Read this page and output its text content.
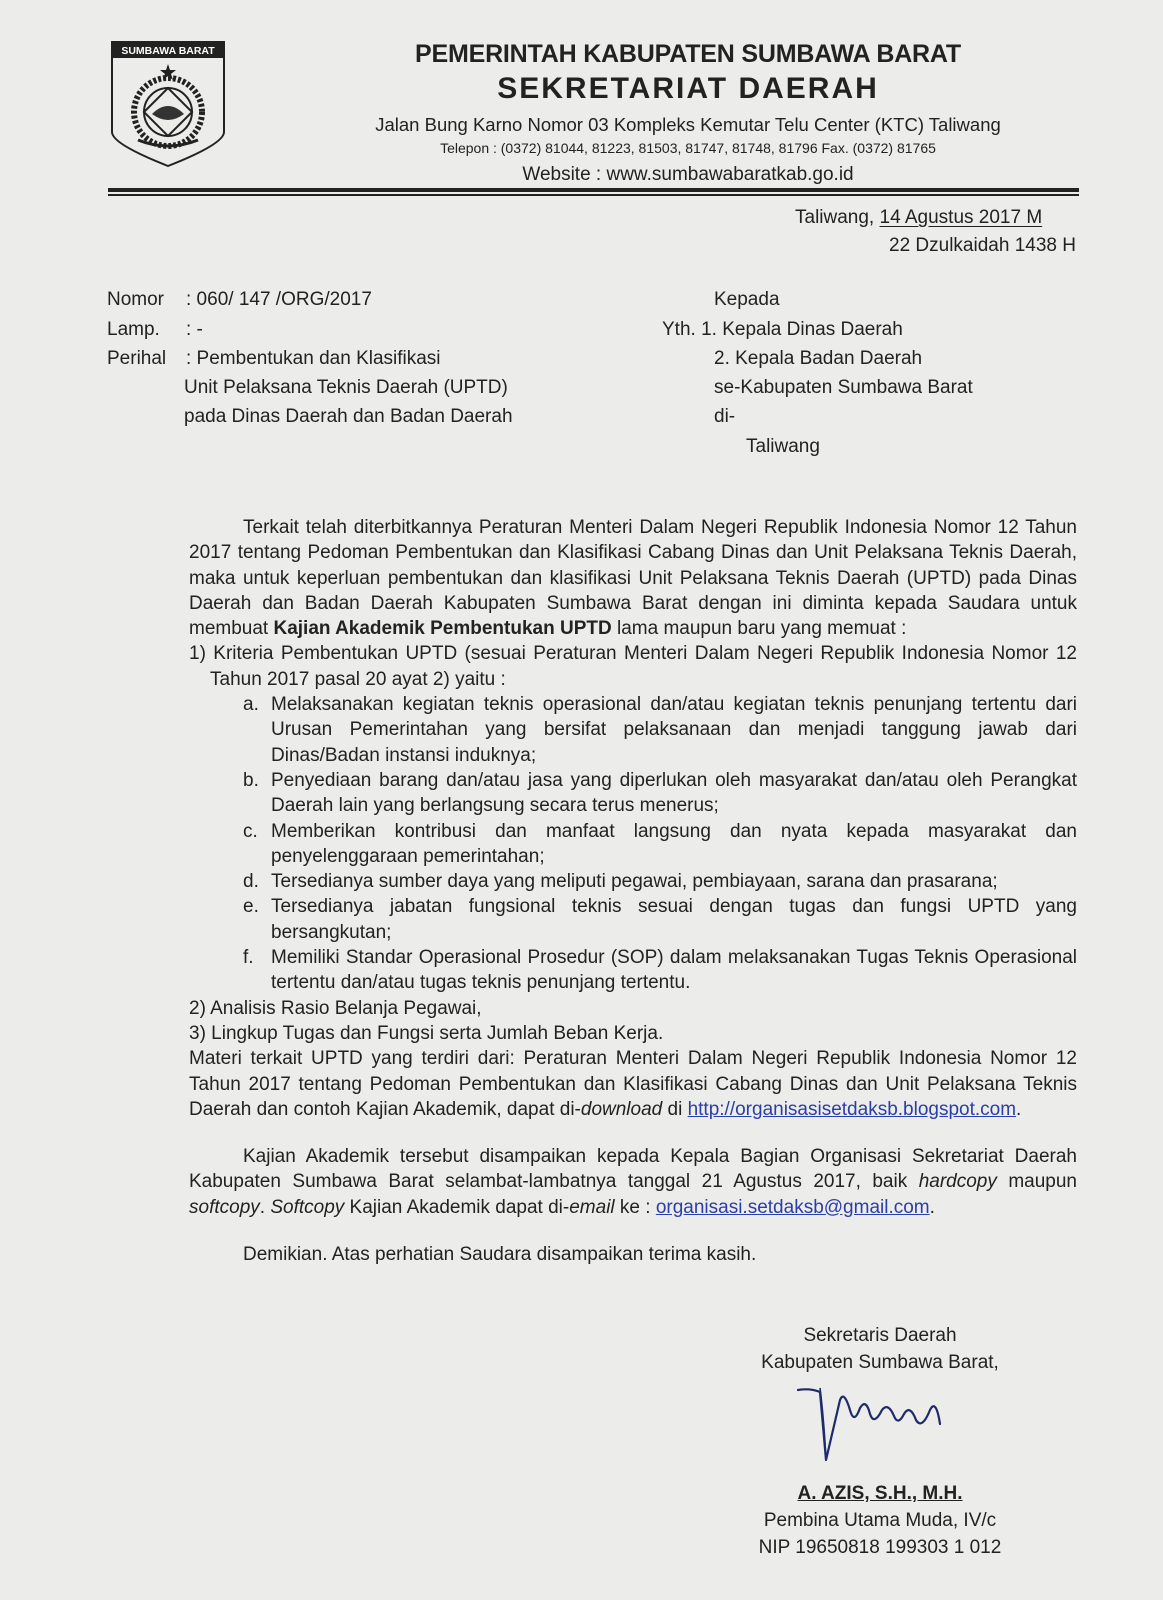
SUMBAWA BARAT	PEMERINTAH KABUPATEN SUMBAWA BARAT
SEKRETARIAT DAERAH
Jalan Bung Karno Nomor 03 Kompleks Kemutar Telu Center (KTC) Taliwang
Telepon : (0372) 81044, 81223, 81503, 81747, 81748, 81796 Fax. (0372) 81765
Website : www.sumbawabaratkab.go.id
Taliwang, 14 Agustus 2017 M
22 Dzulkaidah 1438 H
Nomor : 060/ 147 /ORG/2017
Lamp. : -
Perihal : Pembentukan dan Klasifikasi
Unit Pelaksana Teknis Daerah (UPTD)
pada Dinas Daerah dan Badan Daerah
Kepada
Yth. 1. Kepala Dinas Daerah
2. Kepala Badan Daerah
se-Kabupaten Sumbawa Barat
di-
Taliwang

Terkait telah diterbitkannya Peraturan Menteri Dalam Negeri Republik Indonesia Nomor 12 Tahun 2017 tentang Pedoman Pembentukan dan Klasifikasi Cabang Dinas dan Unit Pelaksana Teknis Daerah, maka untuk keperluan pembentukan dan klasifikasi Unit Pelaksana Teknis Daerah (UPTD) pada Dinas Daerah dan Badan Daerah Kabupaten Sumbawa Barat dengan ini diminta kepada Saudara untuk membuat Kajian Akademik Pembentukan UPTD lama maupun baru yang memuat :

1) Kriteria Pembentukan UPTD (sesuai Peraturan Menteri Dalam Negeri Republik Indonesia Nomor 12 Tahun 2017 pasal 20 ayat 2) yaitu :

a. Melaksanakan kegiatan teknis operasional dan/atau kegiatan teknis penunjang tertentu dari Urusan Pemerintahan yang bersifat pelaksanaan dan menjadi tanggung jawab dari Dinas/Badan instansi induknya;
b. Penyediaan barang dan/atau jasa yang diperlukan oleh masyarakat dan/atau oleh Perangkat Daerah lain yang berlangsung secara terus menerus;
c. Memberikan kontribusi dan manfaat langsung dan nyata kepada masyarakat dan penyelenggaraan pemerintahan;
d. Tersedianya sumber daya yang meliputi pegawai, pembiayaan, sarana dan prasarana;
e. Tersedianya jabatan fungsional teknis sesuai dengan tugas dan fungsi UPTD yang bersangkutan;
f. Memiliki Standar Operasional Prosedur (SOP) dalam melaksanakan Tugas Teknis Operasional tertentu dan/atau tugas teknis penunjang tertentu.

2) Analisis Rasio Belanja Pegawai,

3) Lingkup Tugas dan Fungsi serta Jumlah Beban Kerja.

Materi terkait UPTD yang terdiri dari: Peraturan Menteri Dalam Negeri Republik Indonesia Nomor 12 Tahun 2017 tentang Pedoman Pembentukan dan Klasifikasi Cabang Dinas dan Unit Pelaksana Teknis Daerah dan contoh Kajian Akademik, dapat di-download di http://organisasisetdaksb.blogspot.com.

Kajian Akademik tersebut disampaikan kepada Kepala Bagian Organisasi Sekretariat Daerah Kabupaten Sumbawa Barat selambat-lambatnya tanggal 21 Agustus 2017, baik hardcopy maupun softcopy. Softcopy Kajian Akademik dapat di-email ke : organisasi.setdaksb@gmail.com.

Demikian. Atas perhatian Saudara disampaikan terima kasih.

Sekretaris Daerah
Kabupaten Sumbawa Barat,
A. AZIS, S.H., M.H.
Pembina Utama Muda, IV/c
NIP 19650818 199303 1 012
